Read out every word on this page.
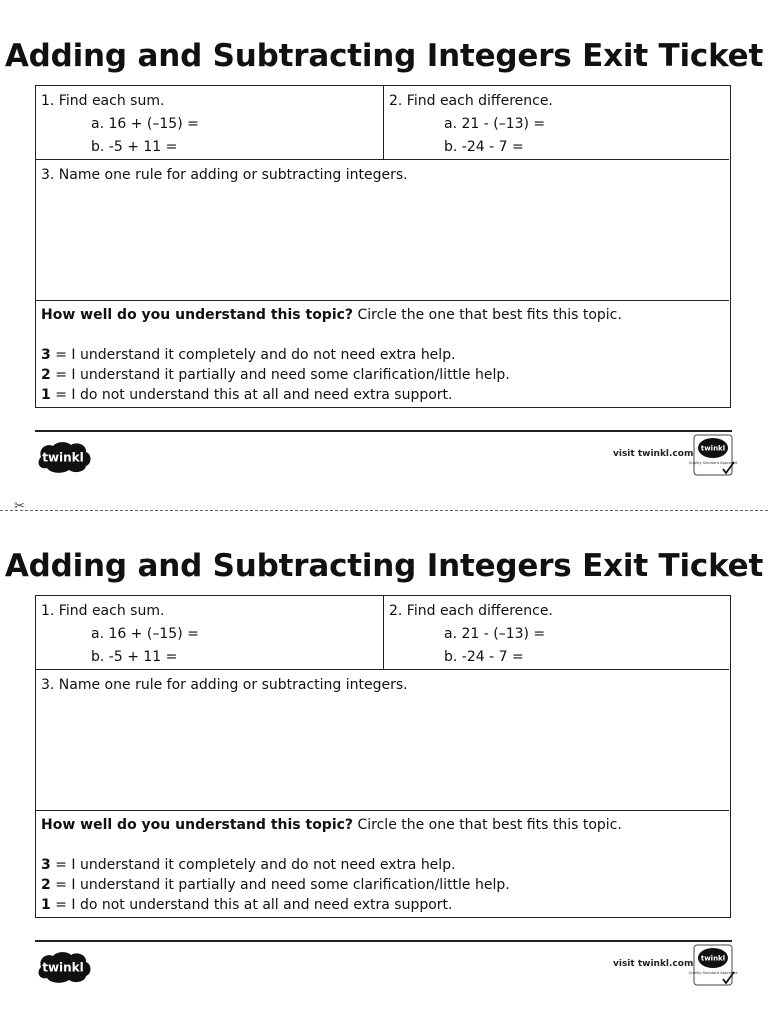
Adding and Subtracting Integers Exit Ticket
1. Find each sum.
a. 16 + (–15) =
b. -5 + 11 =
2. Find each difference.
a. 21 - (–13) =
b. -24 - 7 =
3. Name one rule for adding or subtracting integers.
How well do you understand this topic? Circle the one that best fits this topic.
3 = I understand it completely and do not need extra help.
2 = I understand it partially and need some clarification/little help.
1 = I do not understand this at all and need extra support.
twinkl	visit twinkl.com
twinkl
Quality Standard Approved
✂
Adding and Subtracting Integers Exit Ticket
1. Find each sum.
a. 16 + (–15) =
b. -5 + 11 =
2. Find each difference.
a. 21 - (–13) =
b. -24 - 7 =
3. Name one rule for adding or subtracting integers.
How well do you understand this topic? Circle the one that best fits this topic.
3 = I understand it completely and do not need extra help.
2 = I understand it partially and need some clarification/little help.
1 = I do not understand this at all and need extra support.
twinkl	visit twinkl.com
twinkl
Quality Standard Approved
